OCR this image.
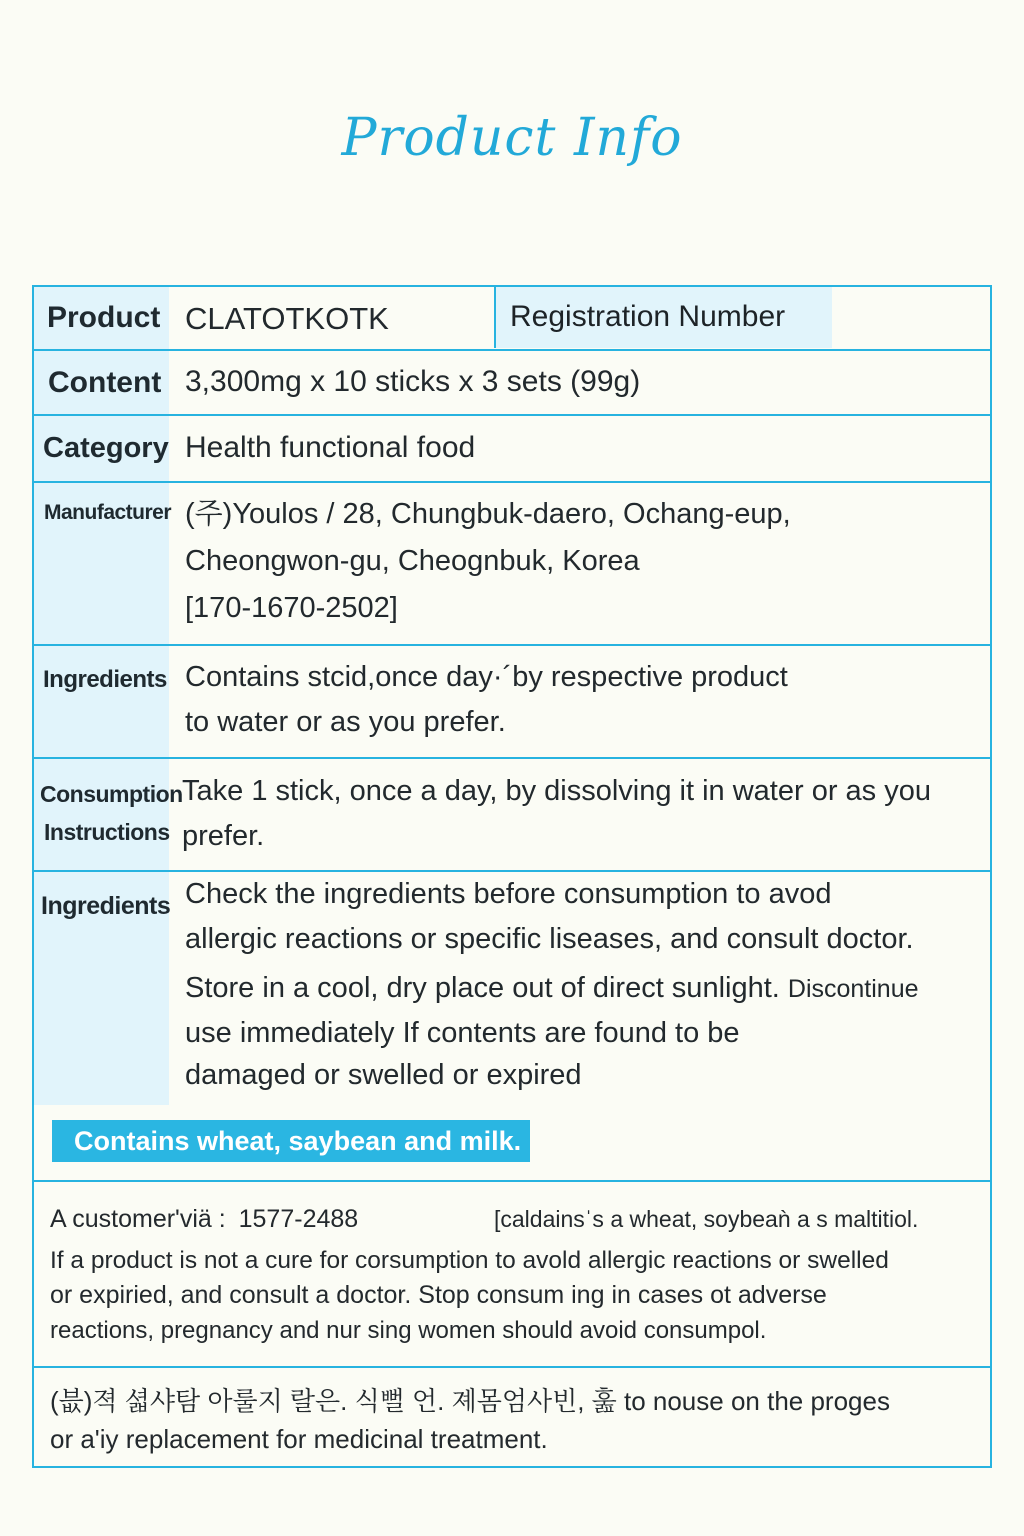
Product Info
Product CLATOTKOTK	Registration Number
Content 3,300mg x 10 sticks x 3 sets (99g)
Category Health functional food
Manufacturer (주)Youlos / 28, Chungbuk-daero, Ochang-eup,
Cheongwon-gu, Cheognbuk, Korea
[170-1670-2502]
Ingredients Contains stcid,once day·´by respective product
to water or as you prefer.
Consumption
Instructions
Take 1 stick, once a day, by dissolving it in water or as you
prefer.
Ingredients Check the ingredients before consumption to avod
allergic reactions or specific liseases, and consult doctor.
Store in a cool, dry place out of direct sunlight. Discontinue
use immediately If contents are found to be
damaged or swelled or expired
Contains wheat, saybean and milk.
A customer'viä : 1577-2488	[caldainsˈs a wheat, soybeaǹ a s maltitiol.
If a product is not a cure for corsumption to avold allergic reactions or swelled
or expiried, and consult a doctor. Stop consum ing in cases ot adverse
reactions, pregnancy and nur sing women should avoid consumpol.
(븞)젹 셟샤탐 아룰지 랄은. 식뻘 언. 졔몸엄사빈, 훒 to nouse on the proges
or a'iy replacement for medicinal treatment.
